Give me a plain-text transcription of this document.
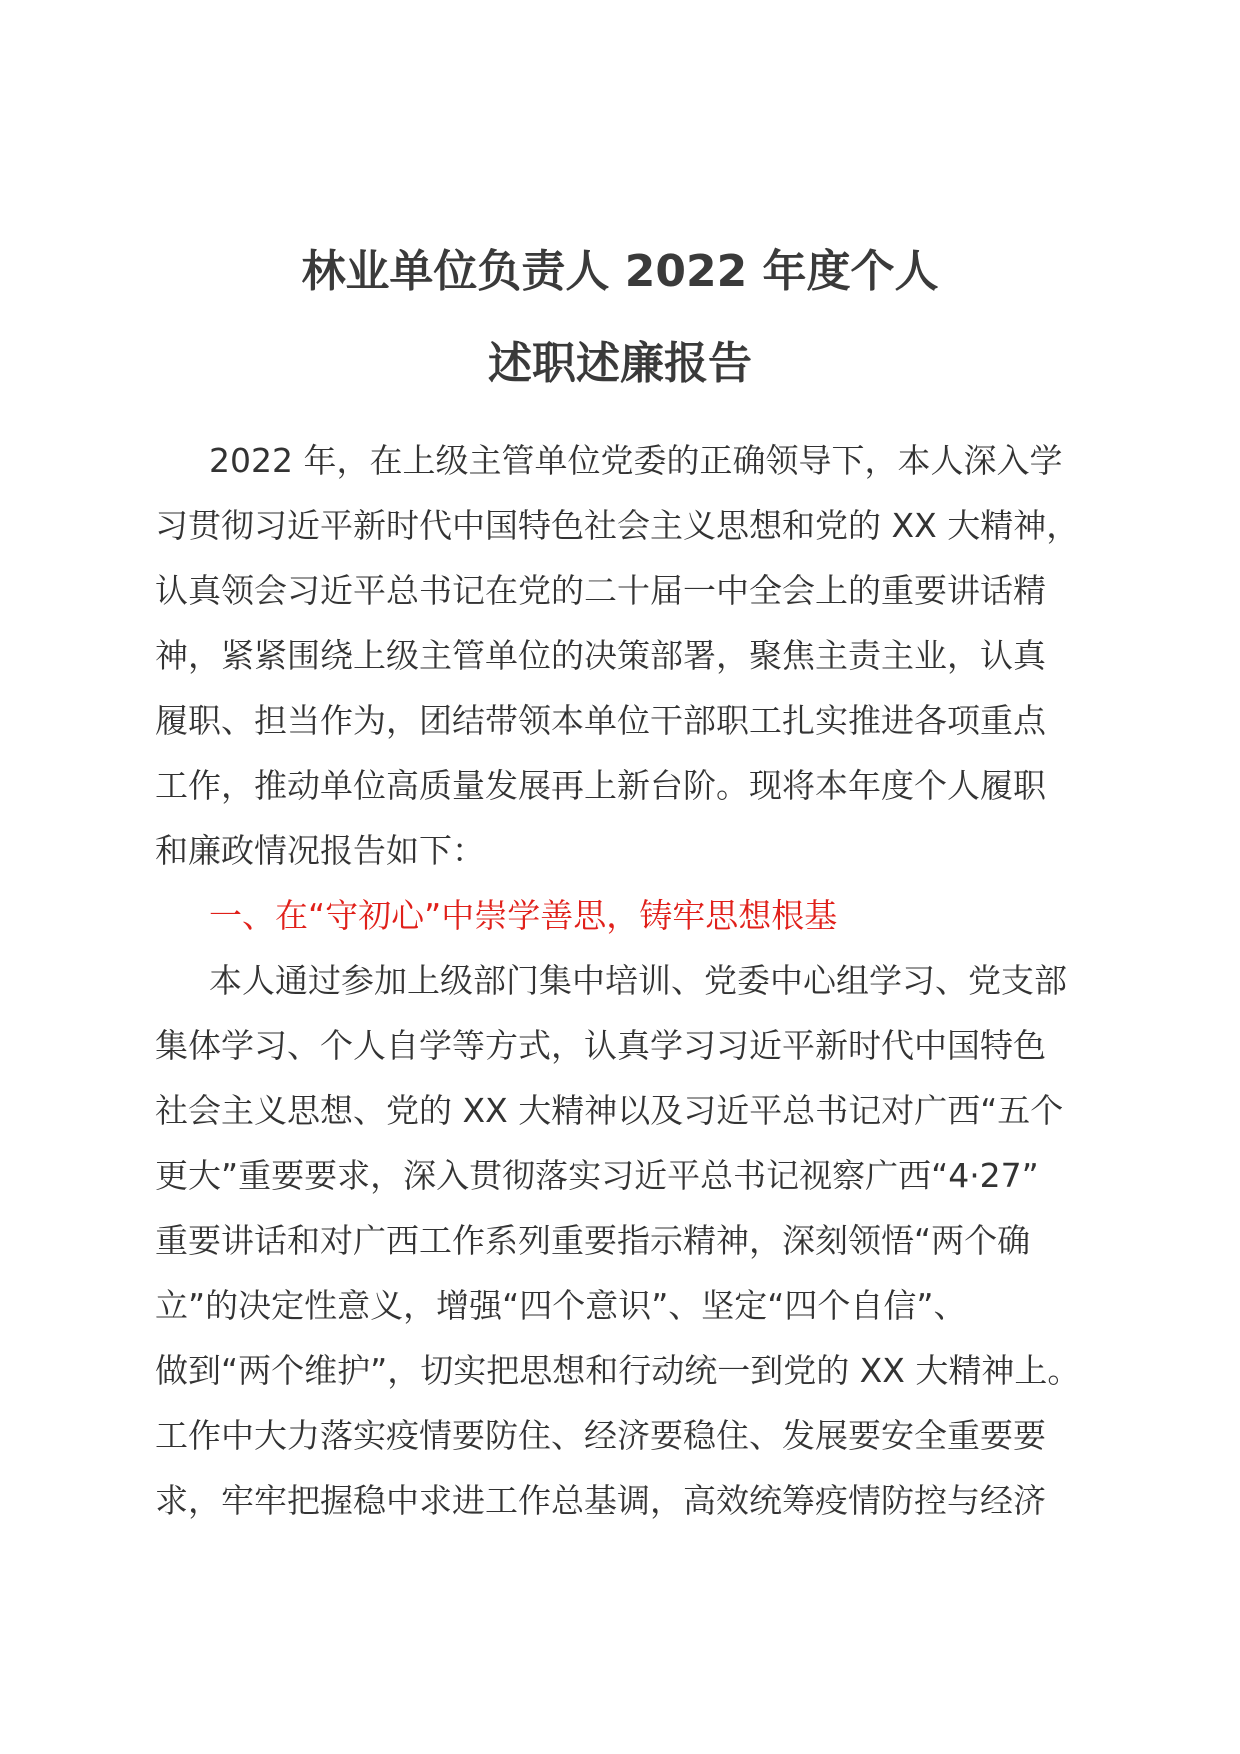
林业单位负责人 2022 年度个人
述职述廉报告
2022 年，在上级主管单位党委的正确领导下，本人深入学
习贯彻习近平新时代中国特色社会主义思想和党的 XX 大精神，
认真领会习近平总书记在党的二十届一中全会上的重要讲话精
神，紧紧围绕上级主管单位的决策部署，聚焦主责主业，认真
履职、担当作为，团结带领本单位干部职工扎实推进各项重点
工作，推动单位高质量发展再上新台阶。现将本年度个人履职
和廉政情况报告如下：
一、在“守初心”中崇学善思，铸牢思想根基
本人通过参加上级部门集中培训、党委中心组学习、党支部
集体学习、个人自学等方式，认真学习习近平新时代中国特色
社会主义思想、党的 XX 大精神以及习近平总书记对广西“五个
更大”重要要求，深入贯彻落实习近平总书记视察广西“4·27”
重要讲话和对广西工作系列重要指示精神，深刻领悟“两个确
立”的决定性意义，增强“四个意识”、坚定“四个自信”、
做到“两个维护”，切实把思想和行动统一到党的 XX 大精神上。
工作中大力落实疫情要防住、经济要稳住、发展要安全重要要
求，牢牢把握稳中求进工作总基调，高效统筹疫情防控与经济
